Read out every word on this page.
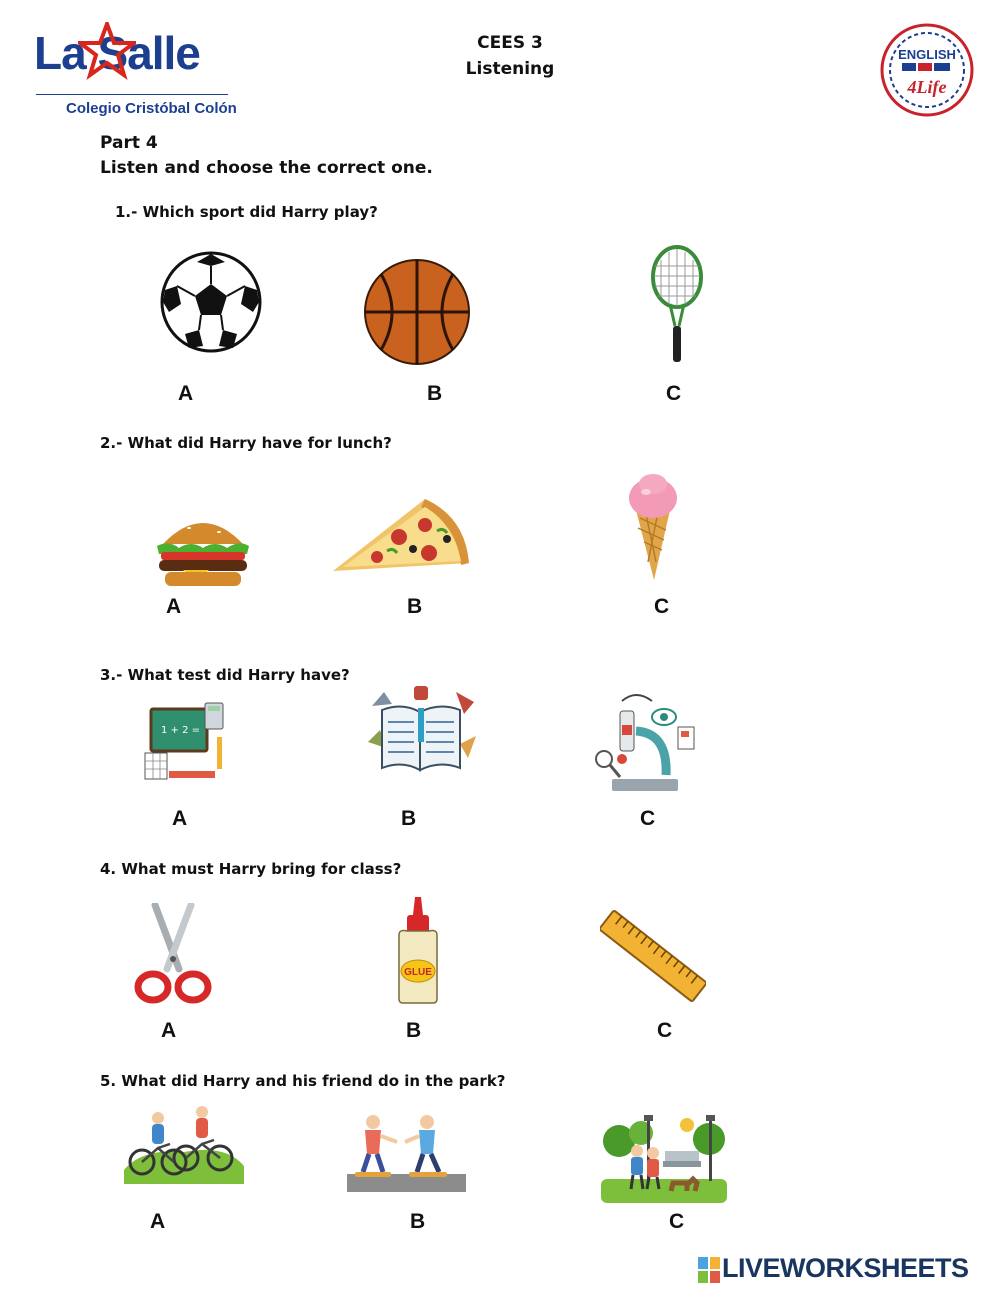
La Salle
Colegio Cristóbal Colón
CEES 3
Listening
ENGLISH
4Life
Part 4
Listen and choose the correct one.
1.- Which sport did Harry play?
A	B	C
2.- What did Harry have for lunch?
A	B	C
3.- What test did Harry have?
1 + 2 =
A	B	C
4. What must Harry bring for class?
GLUE
A	B	C
5. What did Harry and his friend do in the park?
A	B	C
LIVEWORKSHEETS
